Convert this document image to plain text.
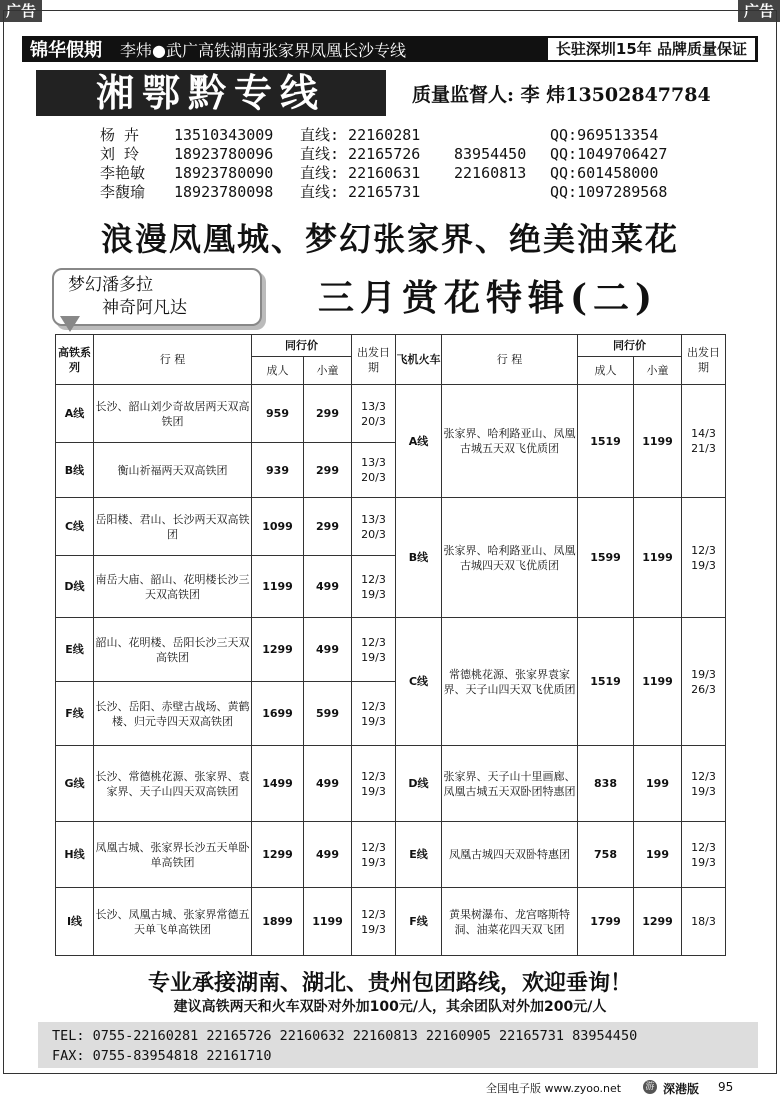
广告	广告
锦华假期	李炜●武广高铁湖南张家界凤凰长沙专线	长驻深圳15年 品牌质量保证
湘鄂黔专线	质量监督人: 李 炜13502847784
杨 卉 13510343009 直线: 22160281	QQ:969513354
刘 玲 18923780096 直线: 22165726 83954450 QQ:1049706427
李艳敏 18923780090 直线: 22160631 22160813 QQ:601458000
李馥瑜 18923780098 直线: 22165731	QQ:1097289568
浪漫凤凰城、梦幻张家界、绝美油菜花
梦幻潘多拉
神奇阿凡达	三月赏花特辑(二)
高铁系列	行 程	同行价		出发日期	飞机火车	行 程	同行价		出发日期
		成人	小童				成人	小童	
A线	长沙、韶山刘少奇故居两天双高铁团	959	299	13/3 20/3	A线	张家界、哈利路亚山、凤凰古城五天双飞优质团	1519	1199	14/3 21/3
B线	衡山祈福两天双高铁团	939	299	13/3 20/3					
C线	岳阳楼、君山、长沙两天双高铁团	1099	299	13/3 20/3	B线	张家界、哈利路亚山、凤凰古城四天双飞优质团	1599	1199	12/3 19/3
D线	南岳大庙、韶山、花明楼长沙三天双高铁团	1199	499	12/3 19/3					
E线	韶山、花明楼、岳阳长沙三天双高铁团	1299	499	12/3 19/3	C线	常德桃花源、张家界袁家界、天子山四天双飞优质团	1519	1199	19/3 26/3
F线	长沙、岳阳、赤壁古战场、黄鹤楼、归元寺四天双高铁团	1699	599	12/3 19/3					
G线	长沙、常德桃花源、张家界、袁家界、天子山四天双高铁团	1499	499	12/3 19/3	D线	张家界、天子山十里画廊、凤凰古城五天双卧团特惠团	838	199	12/3 19/3
H线	凤凰古城、张家界长沙五天单卧单高铁团	1299	499	12/3 19/3	E线	凤凰古城四天双卧特惠团	758	199	12/3 19/3
I线	长沙、凤凰古城、张家界常德五天单飞单高铁团	1899	1199	12/3 19/3	F线	黄果树瀑布、龙宫喀斯特洞、油菜花四天双飞团	1799	1299	18/3
专业承接湖南、湖北、贵州包团路线，欢迎垂询！
建议高铁两天和火车双卧对外加100元/人，其余团队对外加200元/人
TEL: 0755-22160281 22165726 22160632 22160813 22160905 22165731 83954450
FAX: 0755-83954818 22161710
全国电子版 www.zyoo.net	游 深港版 95
